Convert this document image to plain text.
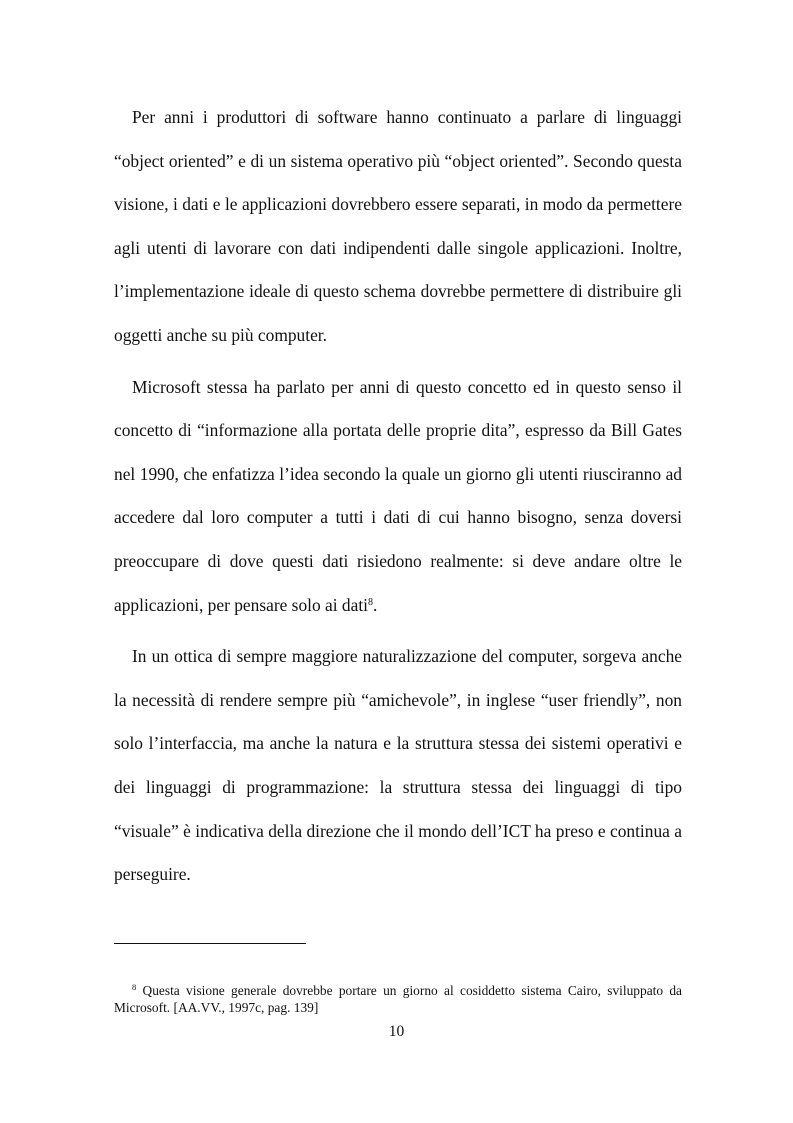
Per anni i produttori di software hanno continuato a parlare di linguaggi “object oriented” e di un sistema operativo più “object oriented”. Secondo questa visione, i dati e le applicazioni dovrebbero essere separati, in modo da permettere agli utenti di lavorare con dati indipendenti dalle singole applicazioni. Inoltre, l’implementazione ideale di questo schema dovrebbe permettere di distribuire gli oggetti anche su più computer.

Microsoft stessa ha parlato per anni di questo concetto ed in questo senso il concetto di “informazione alla portata delle proprie dita”, espresso da Bill Gates nel 1990, che enfatizza l’idea secondo la quale un giorno gli utenti riusciranno ad accedere dal loro computer a tutti i dati di cui hanno bisogno, senza doversi preoccupare di dove questi dati risiedono realmente: si deve andare oltre le applicazioni, per pensare solo ai dati$^8$.

In un ottica di sempre maggiore naturalizzazione del computer, sorgeva anche la necessità di rendere sempre più “amichevole”, in inglese “user friendly”, non solo l’interfaccia, ma anche la natura e la struttura stessa dei sistemi operativi e dei linguaggi di programmazione: la struttura stessa dei linguaggi di tipo “visuale” è indicativa della direzione che il mondo dell’ICT ha preso e continua a perseguire.

$^8$ Questa visione generale dovrebbe portare un giorno al cosiddetto sistema Cairo, sviluppato da Microsoft. [AA.VV., 1997c, pag. 139]

10
